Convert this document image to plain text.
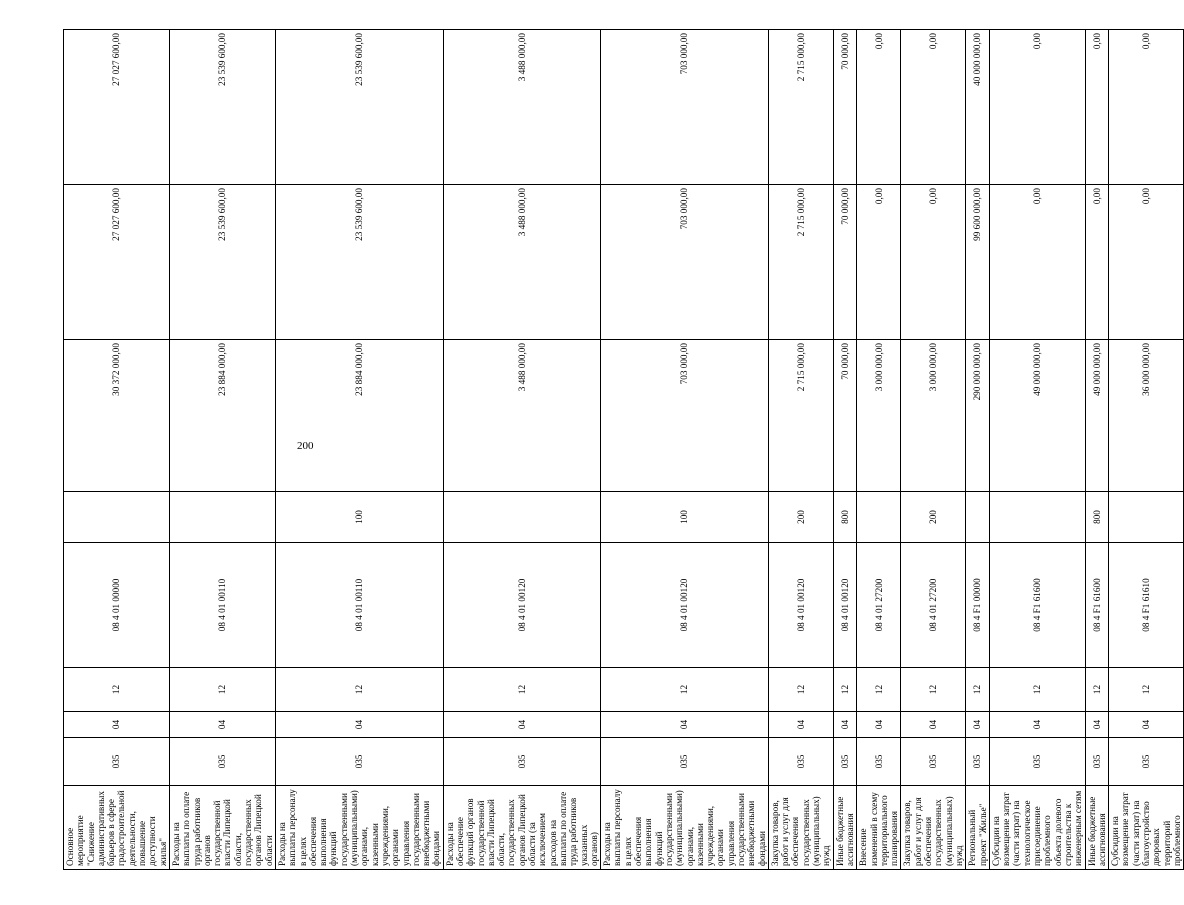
200
Основное мероприятие "Снижение административных барьеров в сфере градостроительной деятельности, повышение доступности жилья"	035	04	12	08 4 01 00000		30 372 000,00	27 027 600,00	27 027 600,00
Расходы на выплаты по оплате труда работников органов государственной власти Липецкой области, государственных органов Липецкой области	035	04	12	08 4 01 00110		23 884 000,00	23 539 600,00	23 539 600,00
Расходы на выплаты персоналу в целях обеспечения выполнения функций государственными (муниципальными) органами, казенными учреждениями, органами управления государственными внебюджетными фондами	035	04	12	08 4 01 00110	100	23 884 000,00	23 539 600,00	23 539 600,00
Расходы на обеспечение функций органов государственной власти Липецкой области, государственных органов Липецкой области (за исключением расходов на выплаты по оплате труда работников указанных органов)	035	04	12	08 4 01 00120		3 488 000,00	3 488 000,00	3 488 000,00
Расходы на выплаты персоналу в целях обеспечения выполнения функций государственными (муниципальными) органами, казенными учреждениями, органами управления государственными внебюджетными фондами	035	04	12	08 4 01 00120	100	703 000,00	703 000,00	703 000,00
Закупка товаров, работ и услуг для обеспечения государственных (муниципальных) нужд	035	04	12	08 4 01 00120	200	2 715 000,00	2 715 000,00	2 715 000,00
Иные бюджетные ассигнования	035	04	12	08 4 01 00120	800	70 000,00	70 000,00	70 000,00
Внесение изменений в схему территориального планирования	035	04	12	08 4 01 27200		3 000 000,00	0,00	0,00
Закупка товаров, работ и услуг для обеспечения государственных (муниципальных) нужд	035	04	12	08 4 01 27200	200	3 000 000,00	0,00	0,00
Региональный проект "Жилье"	035	04	12	08 4 F1 00000		290 000 000,00	99 600 000,00	40 000 000,00
Субсидии на возмещение затрат (части затрат) на технологическое присоединение проблемного объекта долевого строительства к инженерным сетям	035	04	12	08 4 F1 61600		49 000 000,00	0,00	0,00
Иные бюджетные ассигнования	035	04	12	08 4 F1 61600	800	49 000 000,00	0,00	0,00
Субсидии на возмещение затрат (части затрат) на благоустройство дворовых территорий проблемного	035	04	12	08 4 F1 61610		36 000 000,00	0,00	0,00
